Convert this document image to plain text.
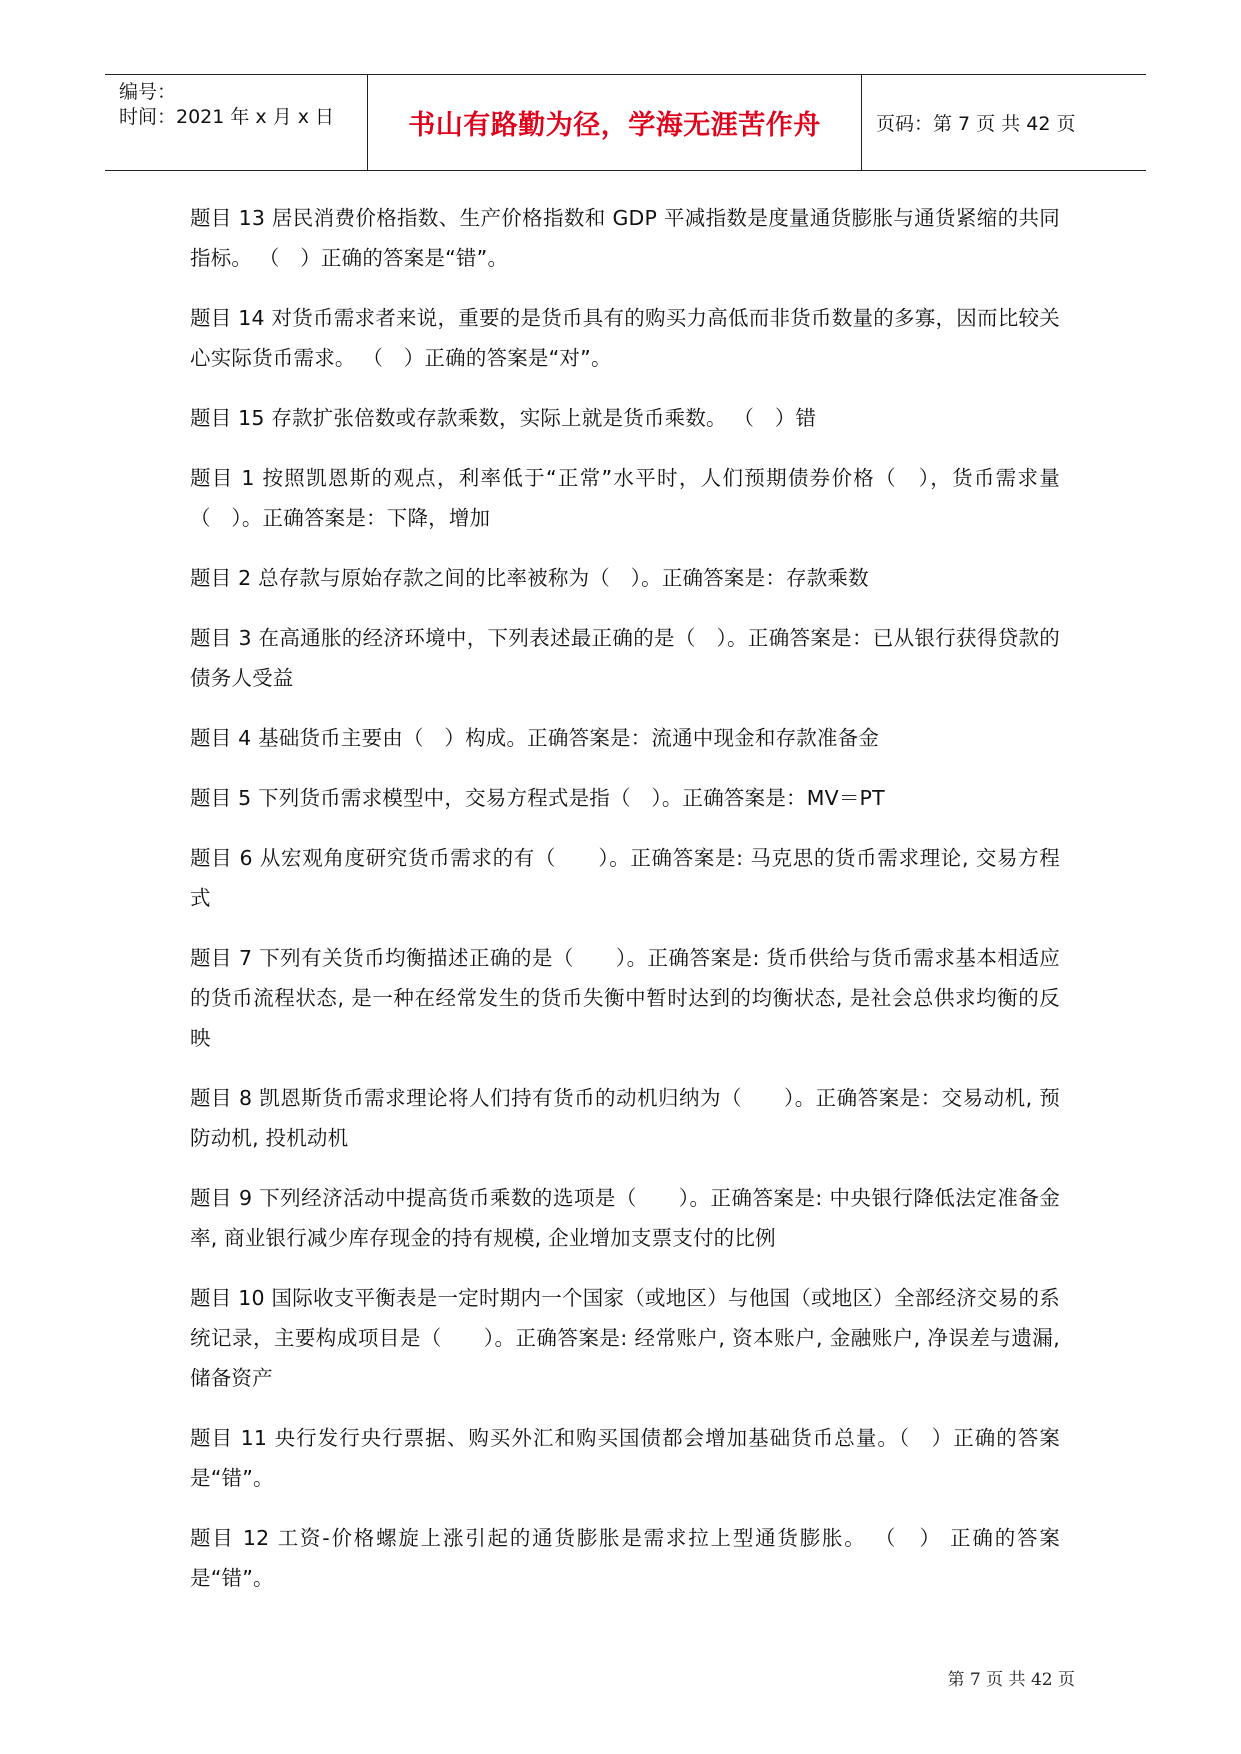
编号：
时间：2021 年 x 月 x 日	书山有路勤为径，学海无涯苦作舟	页码：第 7 页 共 42 页

题目 13 居民消费价格指数、生产价格指数和 GDP 平减指数是度量通货膨胀与通货紧缩的共同指标。 （　）正确的答案是“错”。

题目 14 对货币需求者来说，重要的是货币具有的购买力高低而非货币数量的多寡，因而比较关心实际货币需求。 （　）正确的答案是“对”。

题目 15 存款扩张倍数或存款乘数，实际上就是货币乘数。 （　）错

题目 1 按照凯恩斯的观点，利率低于“正常”水平时，人们预期债券价格（　），货币需求量（　）。正确答案是：下降，增加

题目 2 总存款与原始存款之间的比率被称为（　）。正确答案是：存款乘数

题目 3 在高通胀的经济环境中，下列表述最正确的是（　）。正确答案是：已从银行获得贷款的债务人受益

题目 4 基础货币主要由（　）构成。正确答案是：流通中现金和存款准备金

题目 5 下列货币需求模型中，交易方程式是指（　）。正确答案是：MV＝PT

题目 6 从宏观角度研究货币需求的有（　　）。正确答案是: 马克思的货币需求理论, 交易方程式

题目 7 下列有关货币均衡描述正确的是（　　）。正确答案是: 货币供给与货币需求基本相适应的货币流程状态, 是一种在经常发生的货币失衡中暂时达到的均衡状态, 是社会总供求均衡的反映

题目 8 凯恩斯货币需求理论将人们持有货币的动机归纳为（　　）。正确答案是：交易动机, 预防动机, 投机动机

题目 9 下列经济活动中提高货币乘数的选项是（　　）。正确答案是: 中央银行降低法定准备金率, 商业银行减少库存现金的持有规模, 企业增加支票支付的比例

题目 10 国际收支平衡表是一定时期内一个国家（或地区）与他国（或地区）全部经济交易的系统记录，主要构成项目是（　　）。正确答案是: 经常账户, 资本账户, 金融账户, 净误差与遗漏, 储备资产

题目 11 央行发行央行票据、购买外汇和购买国债都会增加基础货币总量。（　）正确的答案是“错”。

题目 12 工资-价格螺旋上涨引起的通货膨胀是需求拉上型通货膨胀。 （　） 正确的答案是“错”。

第 7 页 共 42 页
